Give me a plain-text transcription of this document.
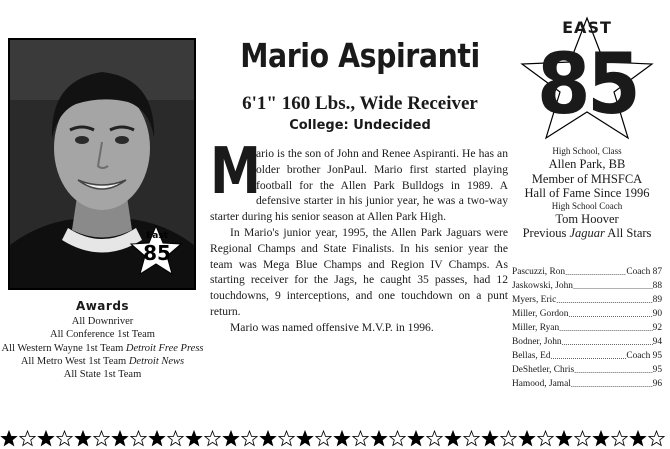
East
85
Awards
All Downriver
All Conference 1st Team
All Western Wayne 1st Team Detroit Free Press
All Metro West 1st Team Detroit News
All State 1st Team
Mario Aspiranti
6'1" 160 Lbs., Wide Receiver
College: Undecided

M
ario is the son of John and Renee Aspiranti. He has an older brother JonPaul. Mario first started playing football for the Allen Park Bulldogs in 1989. A defensive starter in his junior year, he was a two-way starter during his senior season at Allen Park High.

In Mario's junior year, 1995, the Allen Park Jaguars were Regional Champs and State Finalists. In his senior year the team was Mega Blue Champs and Region IV Champs. As starting receiver for the Jags, he caught 35 passes, had 12 touchdowns, 9 interceptions, and one touchdown on a punt return.

Mario was named offensive M.V.P. in 1996.

EAST
85
High School, Class
Allen Park, BB
Member of MHSFCA
Hall of Fame Since 1996
High School Coach
Tom Hoover
Previous Jaguar All Stars
Pascuzzi, Ron .....	Coach 87
Jaskowski, John .....	88
Myers, Eric .....	89
Miller, Gordon .....	90
Miller, Ryan .....	92
Bodner, John .....	94
Bellas, Ed .....	Coach 95
DeShetler, Chris .....	95
Hamood, Jamal .....	96
